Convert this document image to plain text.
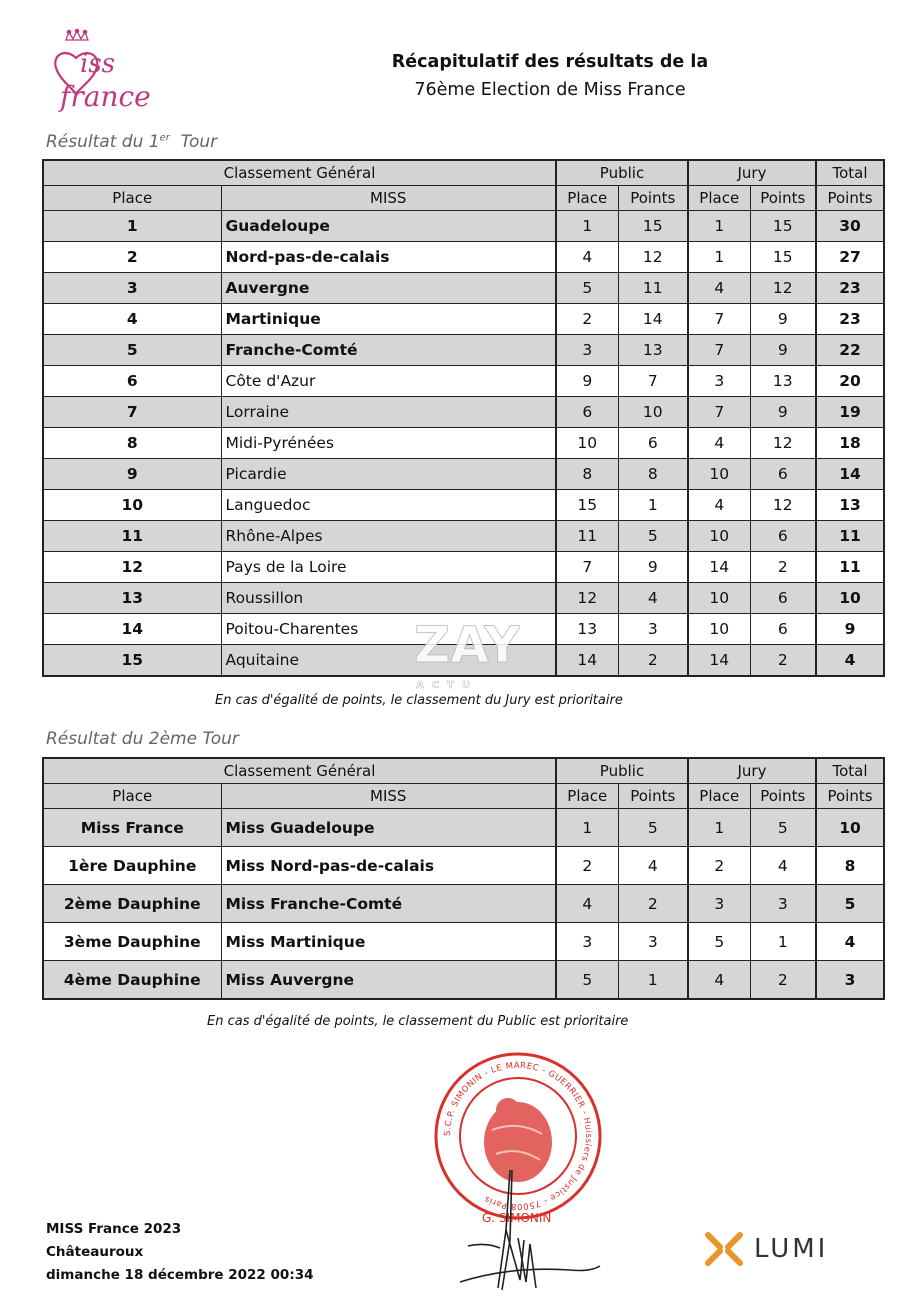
iss
france
Récapitulatif des résultats de la
76ème Election de Miss France
Résultat du 1er Tour
Classement Général		Public		Jury		Total
Place	MISS	Place	Points	Place	Points	Points
1	Guadeloupe	1	15	1	15	30
2	Nord-pas-de-calais	4	12	1	15	27
3	Auvergne	5	11	4	12	23
4	Martinique	2	14	7	9	23
5	Franche-Comté	3	13	7	9	22
6	Côte d'Azur	9	7	3	13	20
7	Lorraine	6	10	7	9	19
8	Midi-Pyrénées	10	6	4	12	18
9	Picardie	8	8	10	6	14
10	Languedoc	15	1	4	12	13
11	Rhône-Alpes	11	5	10	6	11
12	Pays de la Loire	7	9	14	2	11
13	Roussillon	12	4	10	6	10
14	Poitou-Charentes	13	3	10	6	9
15	Aquitaine	14	2	14	2	4
En cas d'égalité de points, le classement du Jury est prioritaire
ZAY
ACTU
Résultat du 2ème Tour
Classement Général		Public		Jury		Total
Place	MISS	Place	Points	Place	Points	Points
Miss France	Miss Guadeloupe	1	5	1	5	10
1ère Dauphine	Miss Nord-pas-de-calais	2	4	2	4	8
2ème Dauphine	Miss Franche-Comté	4	2	3	3	5
3ème Dauphine	Miss Martinique	3	3	5	1	4
4ème Dauphine	Miss Auvergne	5	1	4	2	3
En cas d'égalité de points, le classement du Public est prioritaire
S.C.P. SIMONIN - LE MAREC - GUERRIER - Huissiers de Justice - 75008 Paris
G. SIMONIN
MISS France 2023
Châteauroux
dimanche 18 décembre 2022 00:34
LUMI
